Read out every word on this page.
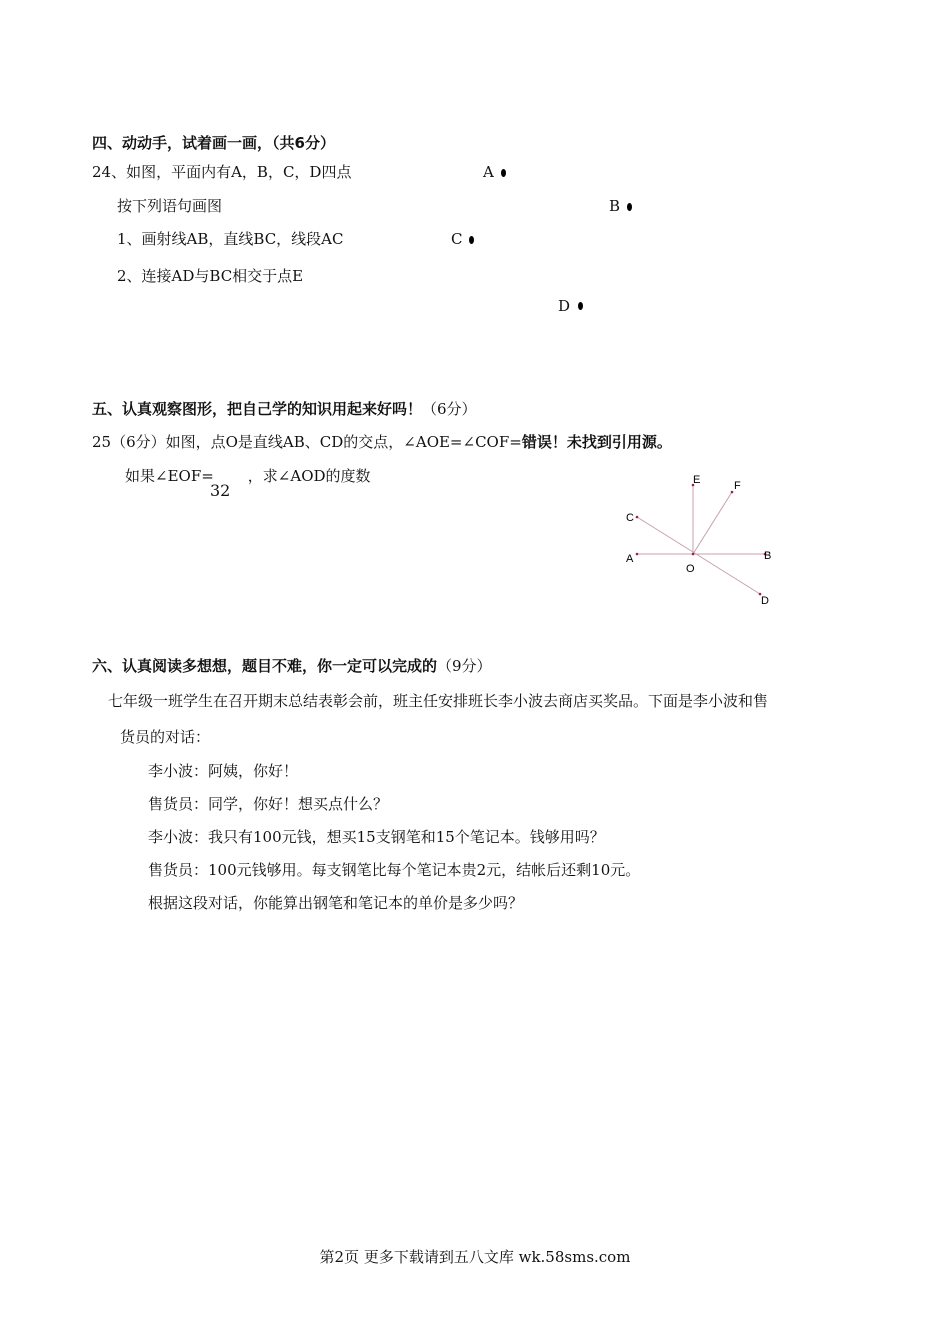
四、动动手，试着画一画，（共6分）
24、如图，平面内有A，B，C，D四点
按下列语句画图
1、画射线AB，直线BC，线段AC
2、连接AD与BC相交于点E
A
B
C
D
五、认真观察图形，把自己学的知识用起来好吗！（6分）
25（6分）如图，点O是直线AB、CD的交点，∠AOE=∠COF=错误！未找到引用源。
如果∠EOF= ，求∠AOD的度数
32
E	F
C
A	B
O
D
六、认真阅读多想想，题目不难，你一定可以完成的（9分）
七年级一班学生在召开期末总结表彰会前，班主任安排班长李小波去商店买奖品。下面是李小波和售
货员的对话：
李小波：阿姨，你好！
售货员：同学，你好！想买点什么？
李小波：我只有100元钱，想买15支钢笔和15个笔记本。钱够用吗？
售货员：100元钱够用。每支钢笔比每个笔记本贵2元，结帐后还剩10元。
根据这段对话，你能算出钢笔和笔记本的单价是多少吗？
第2页 更多下载请到五八文库 wk.58sms.com
